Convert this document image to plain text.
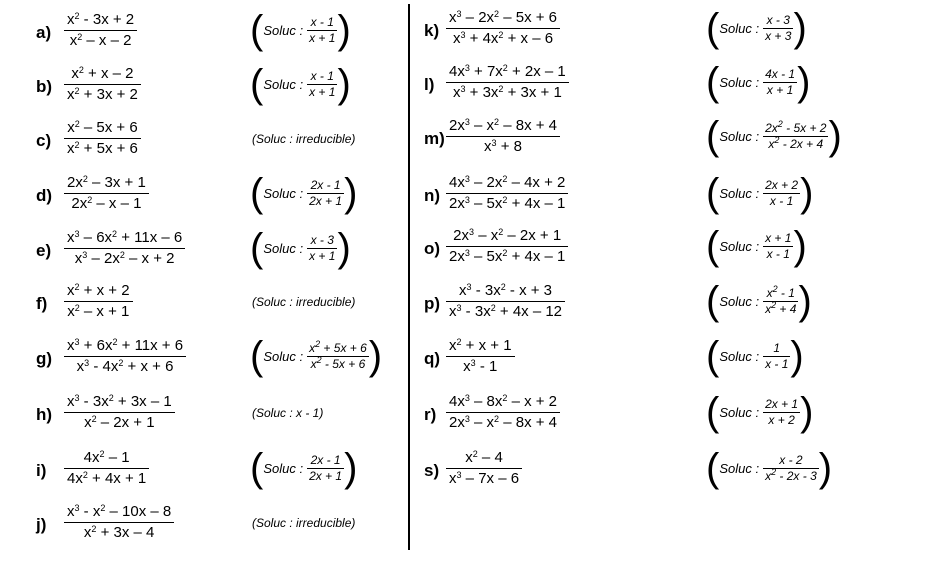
a)
$x^2 - 3x + 2$
$x^2$ – x – 2	( Soluc : $\frac{x - 1}{x + 1}$ )
b)
$x^2 + x - 2$
$x^2 + 3x + 2$	( Soluc : $\frac{x - 1}{x + 1}$ )
c)
$x^2 - 5x + 6$
$x^2 + 5x + 6$
(Soluc : irreducible)
d)
$2x^2 - 3x + 1$
$2x^2$ – x – 1	( Soluc : $\frac{2x - 1}{2x + 1}$ )
e)
$x^3 - 6x^2 + 11x - 6$
$x^3 - 2x^2 - x + 2$ ( Soluc : $\frac{x - 3}{x + 1}$ )
f)
$x^2 + x + 2$
$x^2 - x + 1$
(Soluc : irreducible)
g)
$x^3 + 6x^2 + 11x + 6$
$x^3 - 4x^2 + x + 6$ ( Soluc : $\frac{x^2 + 5x + 6}{x^2 - 5x + 6}$ )
h)
$x^3 - 3x^2 + 3x - 1$
$x^2 - 2x + 1$
(Soluc : x - 1)
i)
$4x^2 - 1$
$4x^2 + 4x + 1$	( Soluc : $\frac{2x - 1}{2x + 1}$ )
j)
$x^3 - x^2 - 10x - 8$
$x^2 + 3x - 4$
(Soluc : irreducible)
k)
$x^3 - 2x^2 - 5x + 6$
$x^3 + 4x^2 + x - 6$	( Soluc : $\frac{x - 3}{x + 3}$ )
l)
$4x^3 + 7x^2 + 2x - 1$
$x^3 + 3x^2 + 3x + 1$	( Soluc : $\frac{4x - 1}{x + 1}$ )
m)
$2x^3 - x^2 - 8x + 4$
$x^3 + 8$	( Soluc : $\frac{2x^2 - 5x + 2}{x^2 - 2x + 4}$ )
n)
$4x^3 - 2x^2 - 4x + 2$
$2x^3 - 5x^2 + 4x - 1$	( Soluc : $\frac{2x + 2}{x - 1}$ )
o)
$2x^3 - x^2 - 2x + 1$
$2x^3 - 5x^2 + 4x - 1$	( Soluc : $\frac{x + 1}{x - 1}$ )
p)
$x^3 - 3x^2 - x + 3$
$x^3 - 3x^2 + 4x - 12$	( Soluc : $\frac{x^2 - 1}{x^2 + 4}$ )
q)
$x^2 + x + 1$
$x^3 - 1$	( Soluc : $\frac{1}{x - 1}$ )
r)
$4x^3 - 8x^2 - x + 2$
$2x^3 - x^2 - 8x + 4$	( Soluc : $\frac{2x + 1}{x + 2}$ )
s)
$x^2 - 4$
$x^3 - 7x - 6$	( Soluc : $\frac{x - 2}{x^2 - 2x - 3}$ )
